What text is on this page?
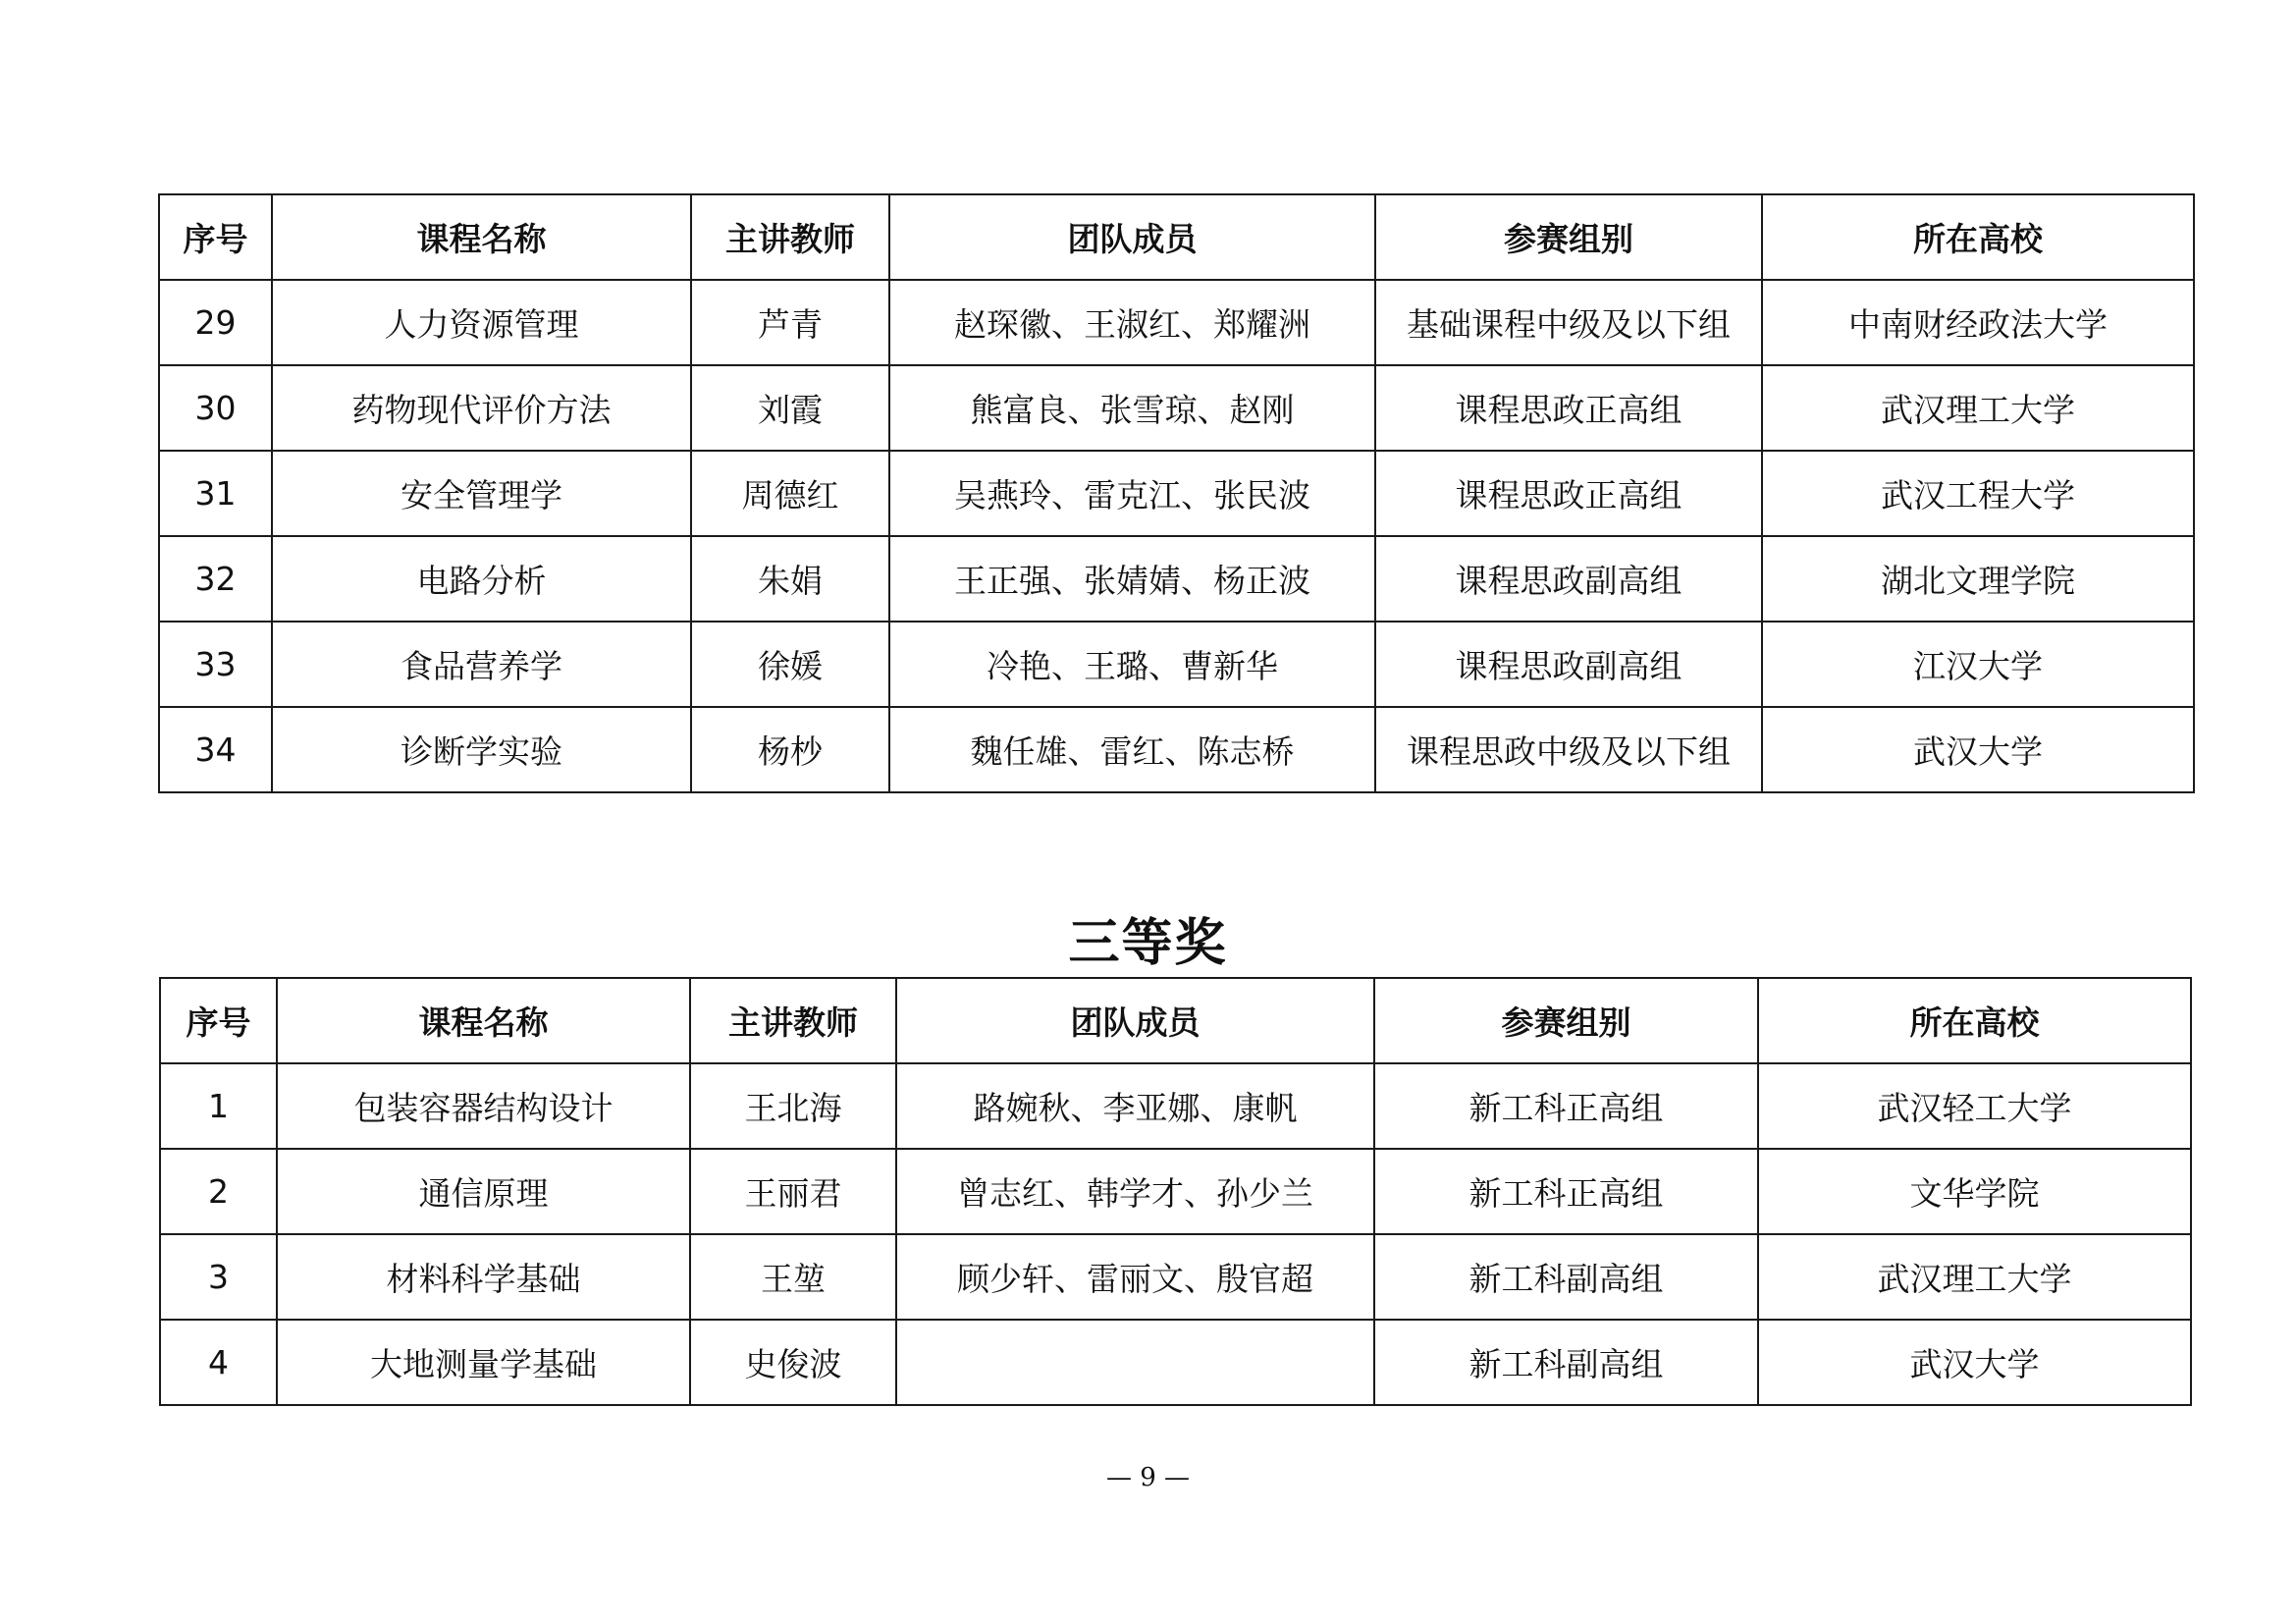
序号	课程名称	主讲教师	团队成员	参赛组别	所在高校
29	人力资源管理	芦青	赵琛徽、王淑红、郑耀洲	基础课程中级及以下组	中南财经政法大学
30	药物现代评价方法	刘霞	熊富良、张雪琼、赵刚	课程思政正高组	武汉理工大学
31	安全管理学	周德红	吴燕玲、雷克江、张民波	课程思政正高组	武汉工程大学
32	电路分析	朱娟	王正强、张婧婧、杨正波	课程思政副高组	湖北文理学院
33	食品营养学	徐媛	冷艳、王璐、曹新华	课程思政副高组	江汉大学
34	诊断学实验	杨杪	魏任雄、雷红、陈志桥	课程思政中级及以下组	武汉大学
三等奖
序号	课程名称	主讲教师	团队成员	参赛组别	所在高校
1	包装容器结构设计	王北海	路婉秋、李亚娜、康帆	新工科正高组	武汉轻工大学
2	通信原理	王丽君	曾志红、韩学才、孙少兰	新工科正高组	文华学院
3	材料科学基础	王堃	顾少轩、雷丽文、殷官超	新工科副高组	武汉理工大学
4	大地测量学基础	史俊波		新工科副高组	武汉大学
— 9 —
